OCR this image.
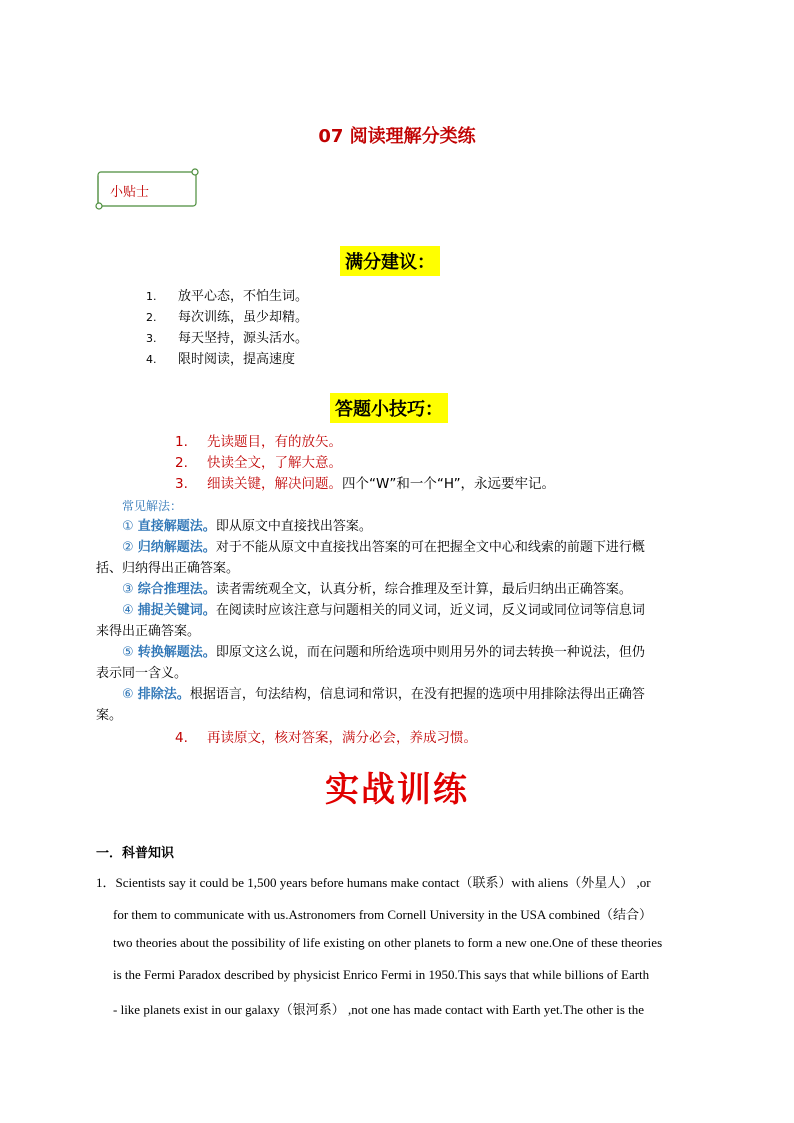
07 阅读理解分类练
小贴士
满分建议：
1. 放平心态，不怕生词。
2. 每次训练，虽少却精。
3. 每天坚持，源头活水。
4. 限时阅读，提高速度
答题小技巧：
1. 先读题目，有的放矢。
2. 快读全文，了解大意。
3. 细读关键，解决问题。四个“W”和一个“H”，永远要牢记。
常见解法：
① 直接解题法。即从原文中直接找出答案。
② 归纳解题法。对于不能从原文中直接找出答案的可在把握全文中心和线索的前题下进行概
括、归纳得出正确答案。
③ 综合推理法。读者需统观全文，认真分析，综合推理及至计算，最后归纳出正确答案。
④ 捕捉关键词。在阅读时应该注意与问题相关的同义词，近义词，反义词或同位词等信息词
来得出正确答案。
⑤ 转换解题法。即原文这么说，而在问题和所给选项中则用另外的词去转换一种说法，但仍
表示同一含义。
⑥ 排除法。根据语言，句法结构，信息词和常识，在没有把握的选项中用排除法得出正确答
案。
4. 再读原文，核对答案，满分必会，养成习惯。
实战训练
一．科普知识
1．Scientists say it could be 1,500 years before humans make contact（联系）with aliens（外星人） ,or
for them to communicate with us.Astronomers from Cornell University in the USA combined（结合）
two theories about the possibility of life existing on other planets to form a new one.One of these theories
is the Fermi Paradox described by physicist Enrico Fermi in 1950.This says that while billions of Earth
- like planets exist in our galaxy（银河系） ,not one has made contact with Earth yet.The other is the
